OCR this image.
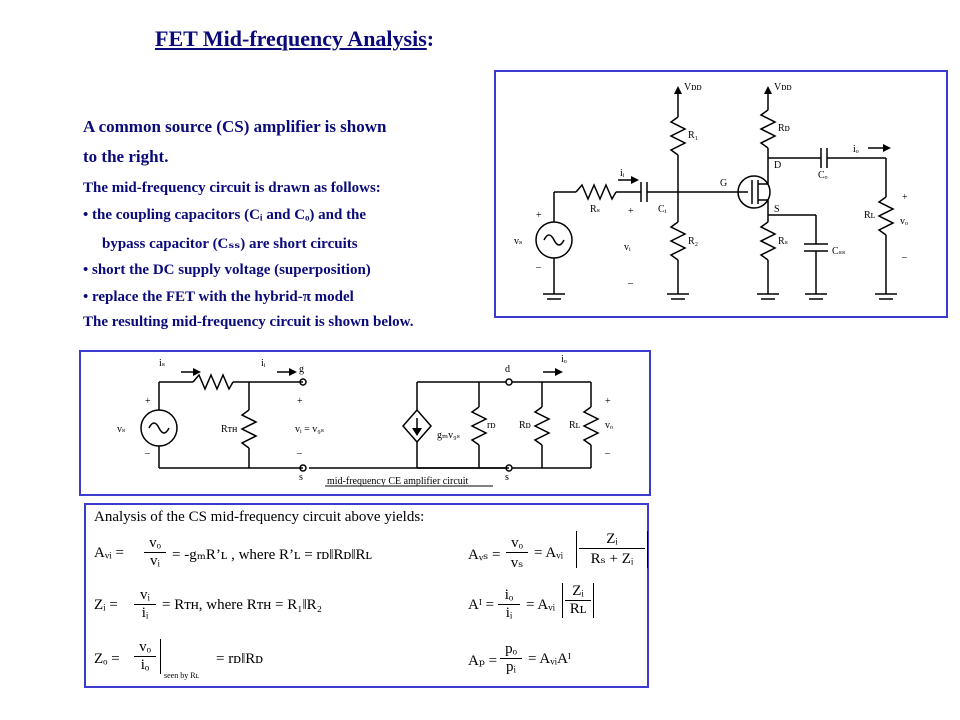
FET Mid-frequency Analysis:
A common source (CS) amplifier is shown
to the right.
The mid-frequency circuit is drawn as follows:
• the coupling capacitors (Cᵢ and Cₒ) and the
bypass capacitor (Cₛₛ) are short circuits
• short the DC supply voltage (superposition)
• replace the FET with the hybrid-π model
The resulting mid-frequency circuit is shown below.
Vᴅᴅ	Vᴅᴅ
R₁
R₂
Rᴅ
Rₛ
Rₛ	Cᵢ
Cₒ
Cₛₛ
Rʟ
iᵢ
iₒ
vₛ
vᵢ
vₒ
G
D
S
+
–
+
–
+
–
iₛ	iᵢ	iₒ
g	d
s	s
vₛ	Rᴛʜ	vᵢ = v₉ₛ
gₘv₉ₛ
rᴅ Rᴅ	Rʟ	vₒ
+
–
+
–
+
–
mid-frequency CE amplifier circuit
Analysis of the CS mid-frequency circuit above yields:
Aᵥᵢ =
vₒ
vᵢ = -gₘR’ʟ , where R’ʟ = rᴅ‖Rᴅ‖Rʟ	Aᵥₛ =
vₒ
vₛ
= Aᵥᵢ
Zᵢ
Rₛ + Zᵢ
Zᵢ =
vᵢ
iᵢ = Rᴛʜ, where Rᴛʜ = R₁‖R₂	Aᴵ =
iₒ
iᵢ = Aᵥᵢ
Zᵢ
Rʟ
Zₒ =
vₒ
iₒ
seen by Rʟ
= rᴅ‖Rᴅ	Aₚ =
pₒ
pᵢ = AᵥᵢAᴵ
